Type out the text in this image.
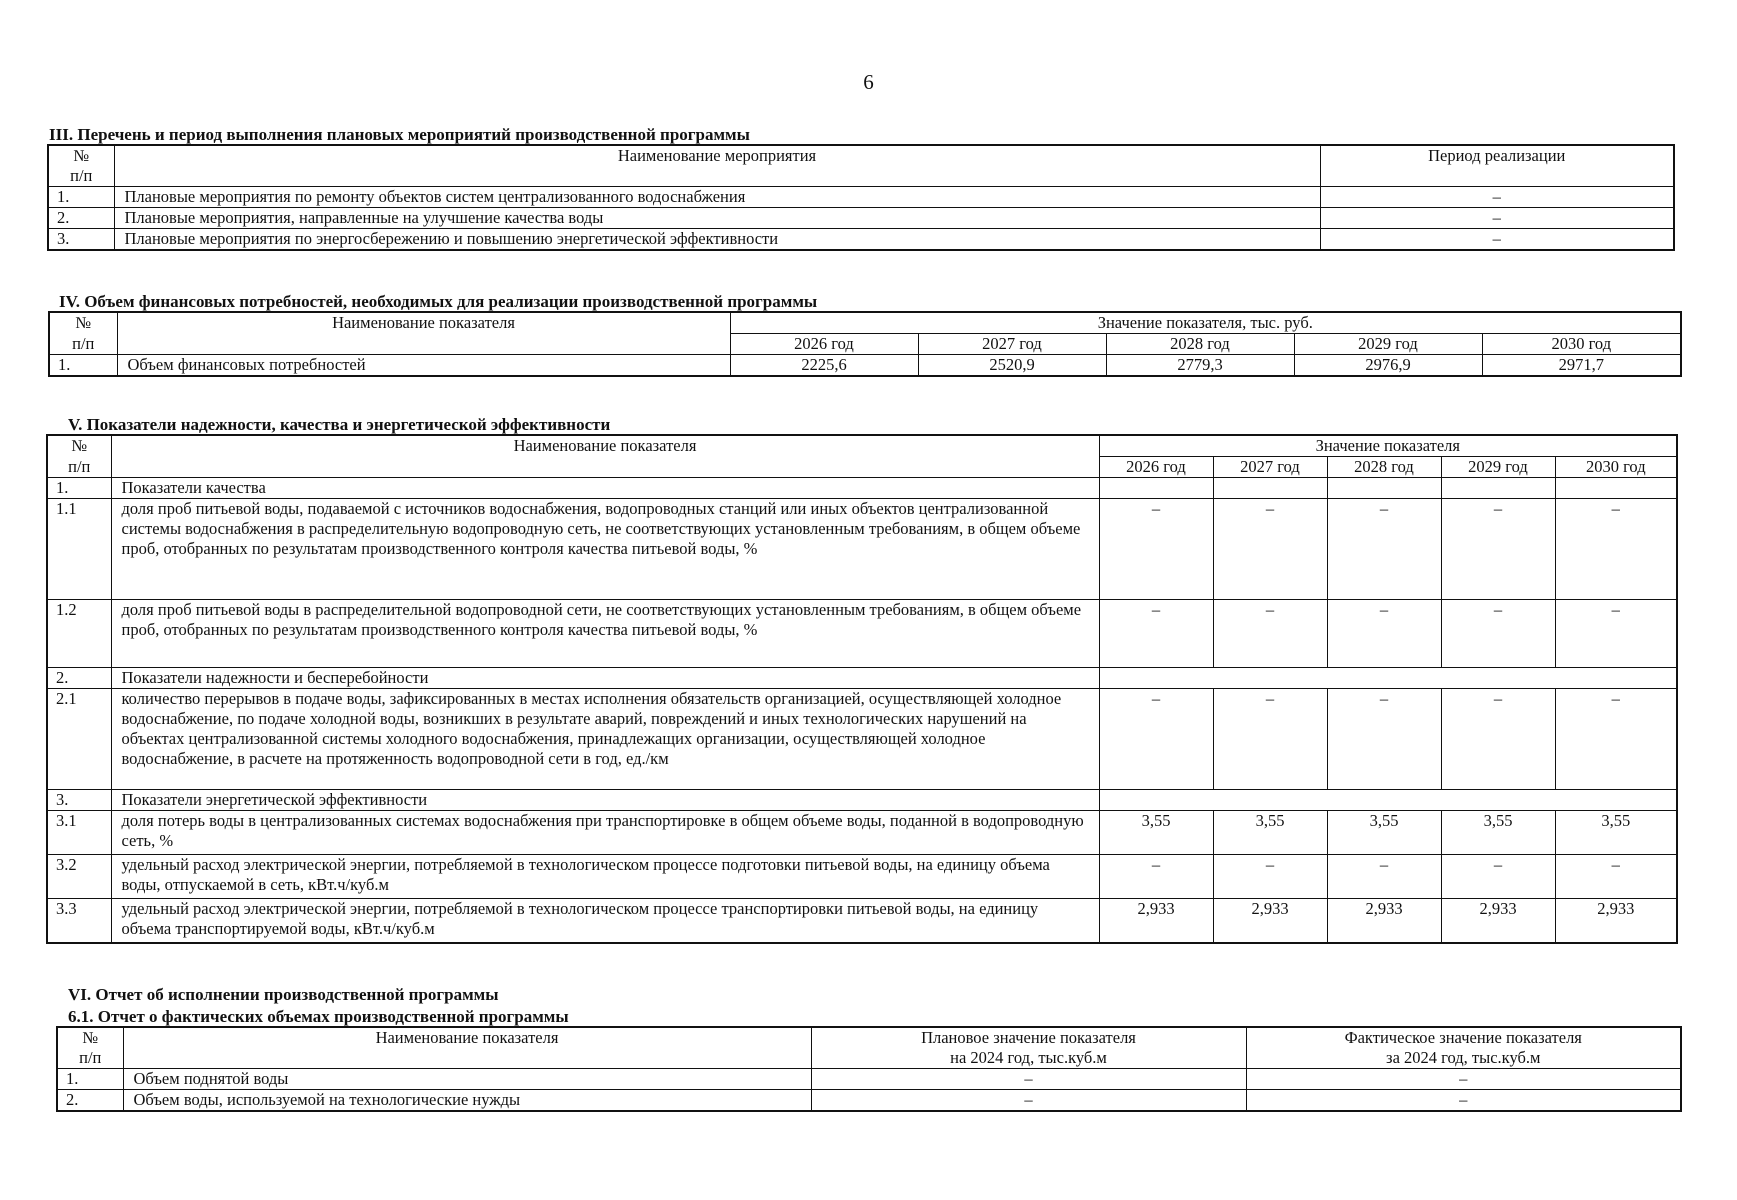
6

III. Перечень и период выполнения плановых мероприятий производственной программы

№
п/п	Наименование мероприятия	Период реализации
1.	Плановые мероприятия по ремонту объектов систем централизованного водоснабжения	–
2.	Плановые мероприятия, направленные на улучшение качества воды	–
3.	Плановые мероприятия по энергосбережению и повышению энергетической эффективности	–

IV. Объем финансовых потребностей, необходимых для реализации производственной программы

№	Наименование показателя	Значение показателя, тыс. руб.				
п/п		2026 год	2027 год	2028 год	2029 год	2030 год
1.	Объем финансовых потребностей	2225,6	2520,9	2779,3	2976,9	2971,7

V. Показатели надежности, качества и энергетической эффективности

№	Наименование показателя	Значение показателя				
п/п		2026 год	2027 год	2028 год	2029 год	2030 год
1.	Показатели качества					
1.1	доля проб питьевой воды, подаваемой с источников водоснабжения, водопроводных станций или иных объектов централизованной системы водоснабжения в распределительную водопроводную сеть, не соответствующих установленным требованиям, в общем объеме проб, отобранных по результатам производственного контроля качества питьевой воды, %	–	–	–	–	–
1.2	доля проб питьевой воды в распределительной водопроводной сети, не соответствующих установленным требованиям, в общем объеме проб, отобранных по результатам производственного контроля качества питьевой воды, %	–	–	–	–	–
2.	Показатели надежности и бесперебойности					
2.1	количество перерывов в подаче воды, зафиксированных в местах исполнения обязательств организацией, осуществляющей холодное водоснабжение, по подаче холодной воды, возникших в результате аварий, повреждений и иных технологических нарушений на объектах централизованной системы холодного водоснабжения, принадлежащих организации, осуществляющей холодное водоснабжение, в расчете на протяженность водопроводной сети в год, ед./км	–	–	–	–	–
3.	Показатели энергетической эффективности					
3.1	доля потерь воды в централизованных системах водоснабжения при транспортировке в общем объеме воды, поданной в водопроводную сеть, %	3,55	3,55	3,55	3,55	3,55
3.2	удельный расход электрической энергии, потребляемой в технологическом процессе подготовки питьевой воды, на единицу объема воды, отпускаемой в сеть, кВт.ч/куб.м	–	–	–	–	–
3.3	удельный расход электрической энергии, потребляемой в технологическом процессе транспортировки питьевой воды, на единицу объема транспортируемой воды, кВт.ч/куб.м	2,933	2,933	2,933	2,933	2,933

VI. Отчет об исполнении производственной программы

6.1. Отчет о фактических объемах производственной программы

№	Наименование показателя	Плановое значение показателя	Фактическое значение показателя
п/п		на 2024 год, тыс.куб.м	за 2024 год, тыс.куб.м
1.	Объем поднятой воды	–	–
2.	Объем воды, используемой на технологические нужды	–	–
